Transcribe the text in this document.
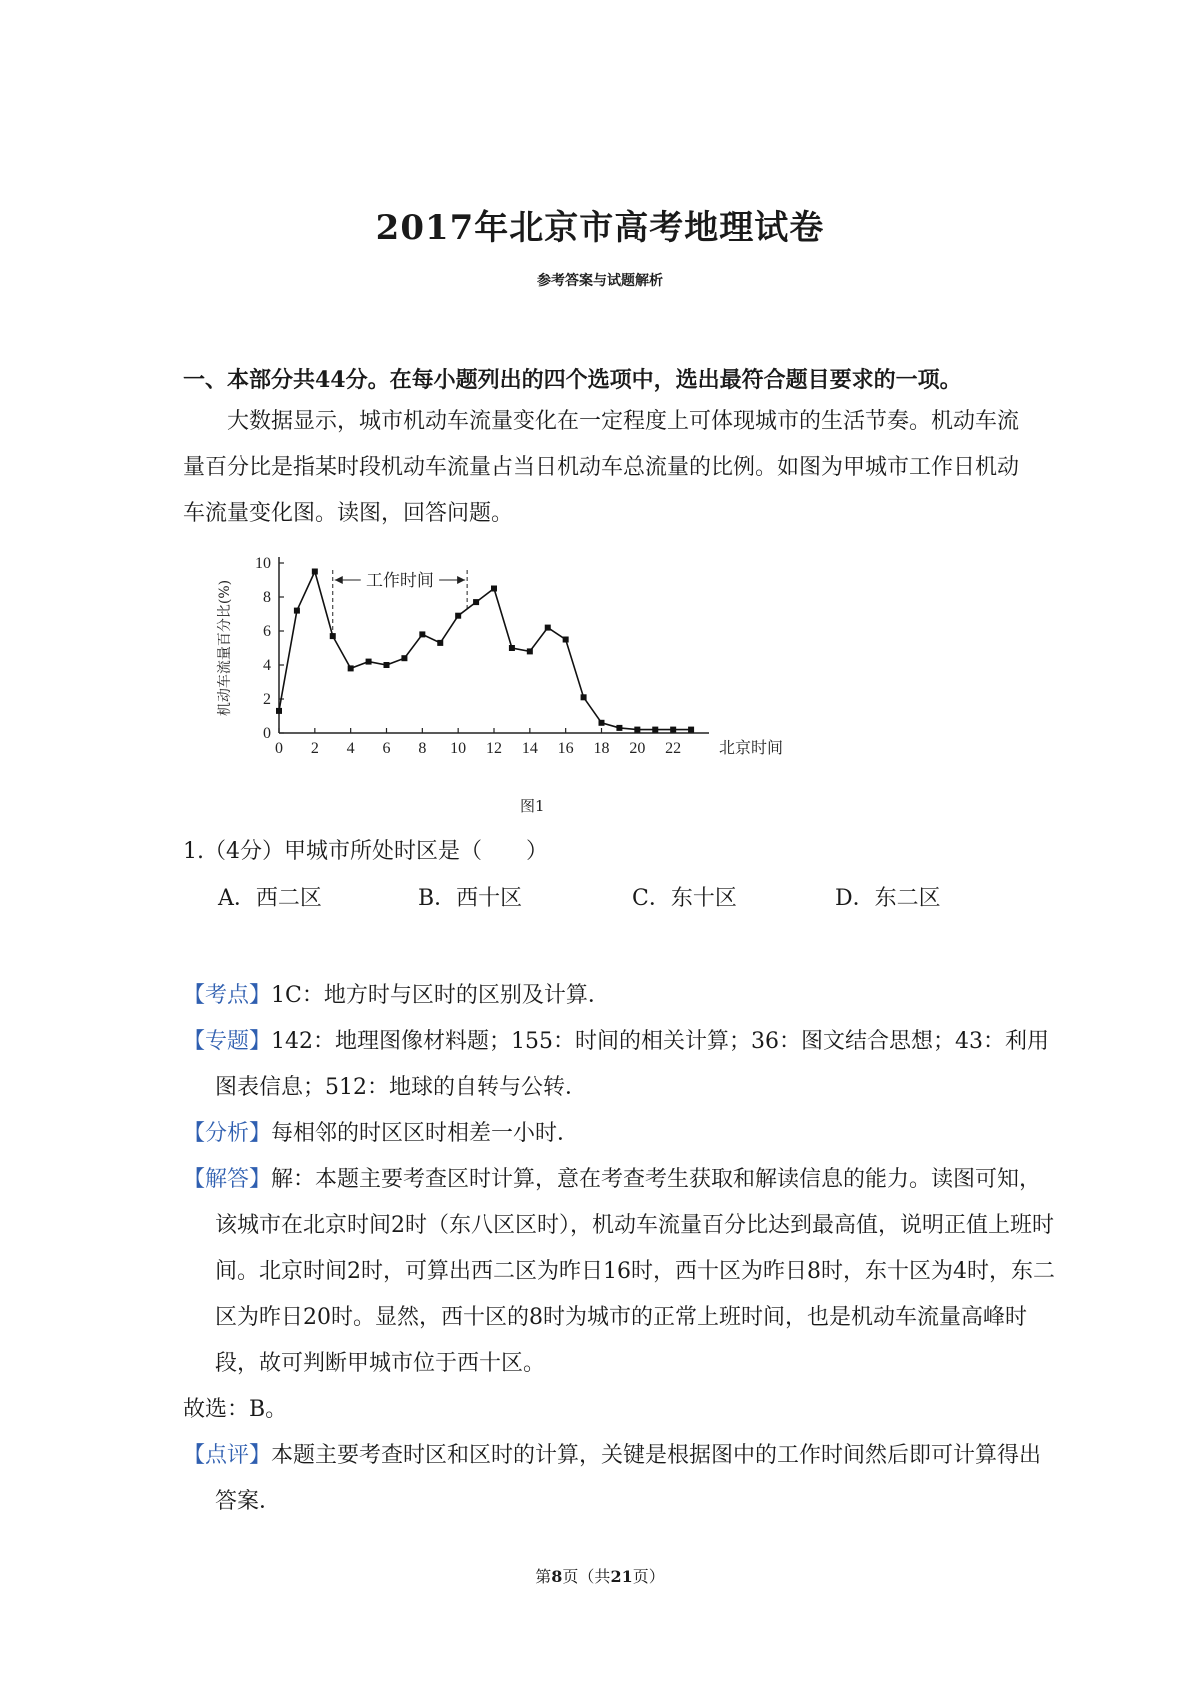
2017年北京市高考地理试卷
参考答案与试题解析
一、本部分共44分。在每小题列出的四个选项中，选出最符合题目要求的一项。
大数据显示，城市机动车流量变化在一定程度上可体现城市的生活节奏。机动车流量百分比是指某时段机动车流量占当日机动车总流量的比例。如图为甲城市工作日机动车流量变化图。读图，回答问题。
机动车流量百分比(%)	工作时间
0
2
4
6
8
10
0 2 4 6 8 10 12 14 16 18 20 22 北京时间
图1
1.（4分）甲城市所处时区是（　　）
A．西二区	B．西十区	C．东十区	D．东二区
【考点】1C：地方时与区时的区别及计算．
【专题】142：地理图像材料题；155：时间的相关计算；36：图文结合思想；43：利用图表信息；512：地球的自转与公转．
【分析】每相邻的时区区时相差一小时．
【解答】解：本题主要考查区时计算，意在考查考生获取和解读信息的能力。读图可知，该城市在北京时间2时（东八区区时），机动车流量百分比达到最高值，说明正值上班时间。北京时间2时，可算出西二区为昨日16时，西十区为昨日8时，东十区为4时，东二区为昨日20时。显然，西十区的8时为城市的正常上班时间，也是机动车流量高峰时段，故可判断甲城市位于西十区。
故选：B。
【点评】本题主要考查时区和区时的计算，关键是根据图中的工作时间然后即可计算得出答案．
第8页（共21页）
